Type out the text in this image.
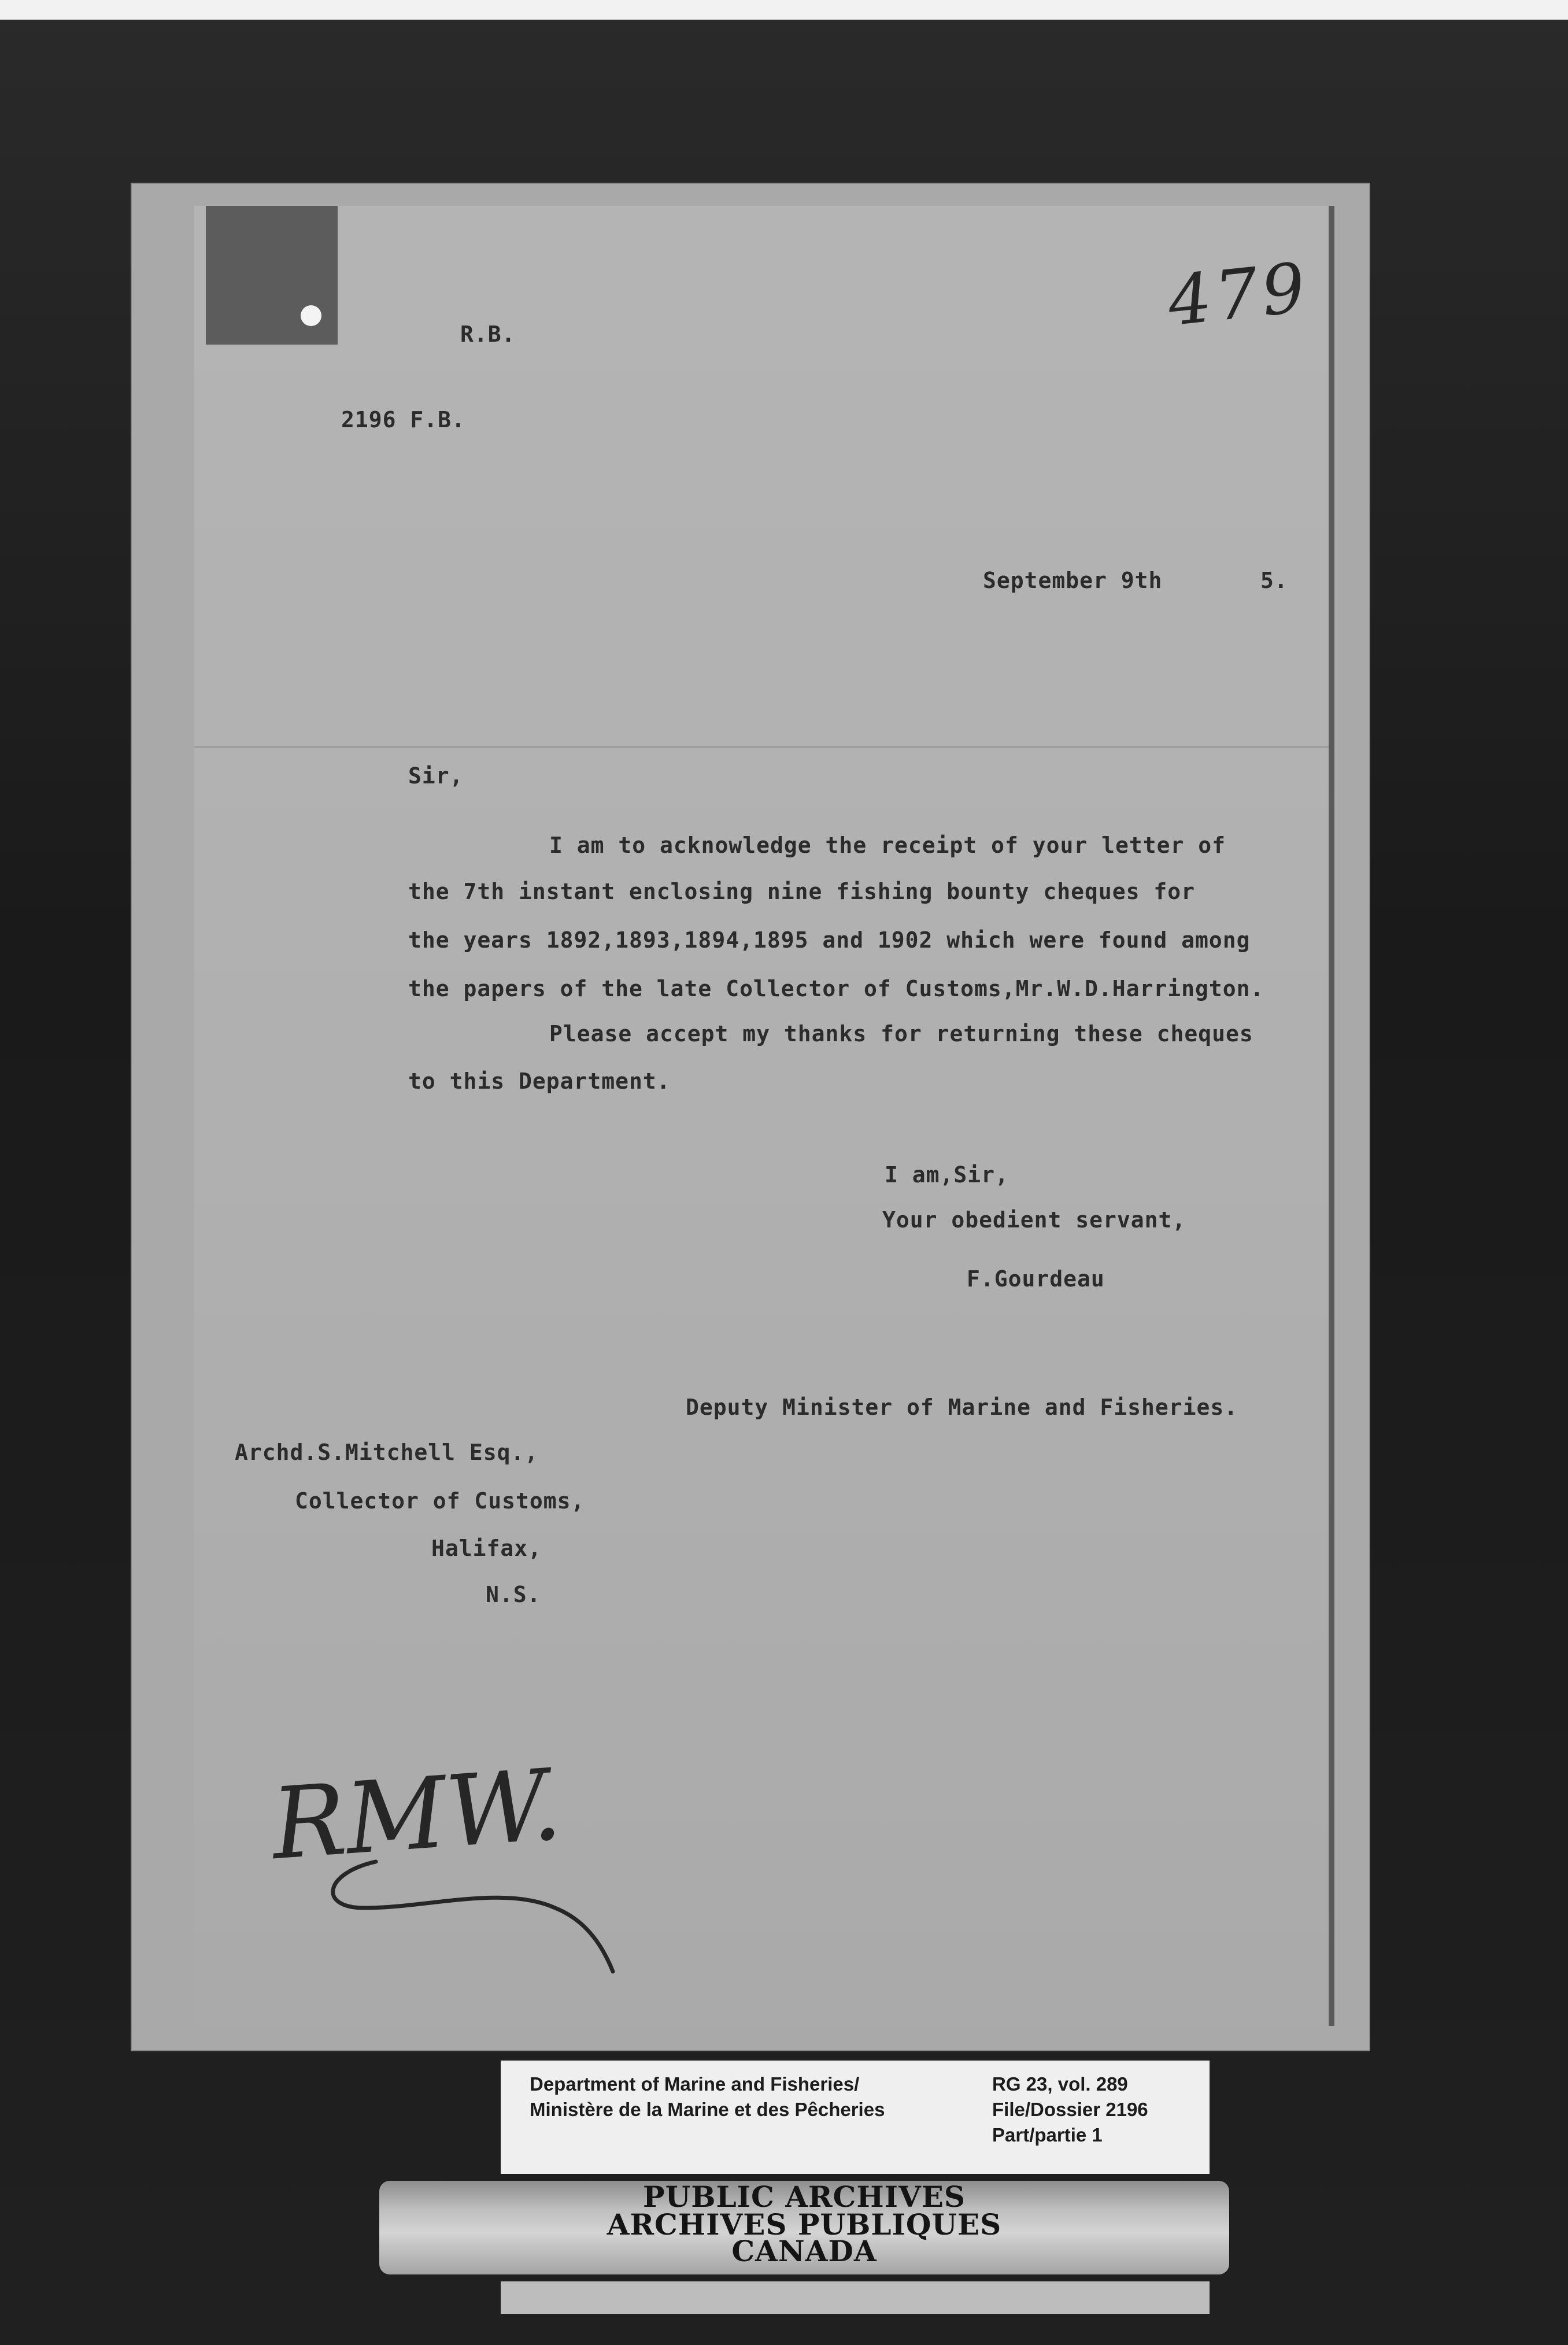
479
R.B.
2196 F.B.
September 9th	5.
Sir,
I am to acknowledge the receipt of your letter of
the 7th instant enclosing nine fishing bounty cheques for
the years 1892,1893,1894,1895 and 1902 which were found among
the papers of the late Collector of Customs,Mr.W.D.Harrington.
Please accept my thanks for returning these cheques
to this Department.
I am,Sir,
Your obedient servant,
F.Gourdeau
Deputy Minister of Marine and Fisheries.
Archd.S.Mitchell Esq.,
Collector of Customs,
Halifax,
N.S.
RMW.
Department of Marine and Fisheries/
Ministère de la Marine et des Pêcheries
RG 23, vol. 289
File/Dossier 2196
Part/partie 1
PUBLIC ARCHIVES
ARCHIVES PUBLIQUES
CANADA
